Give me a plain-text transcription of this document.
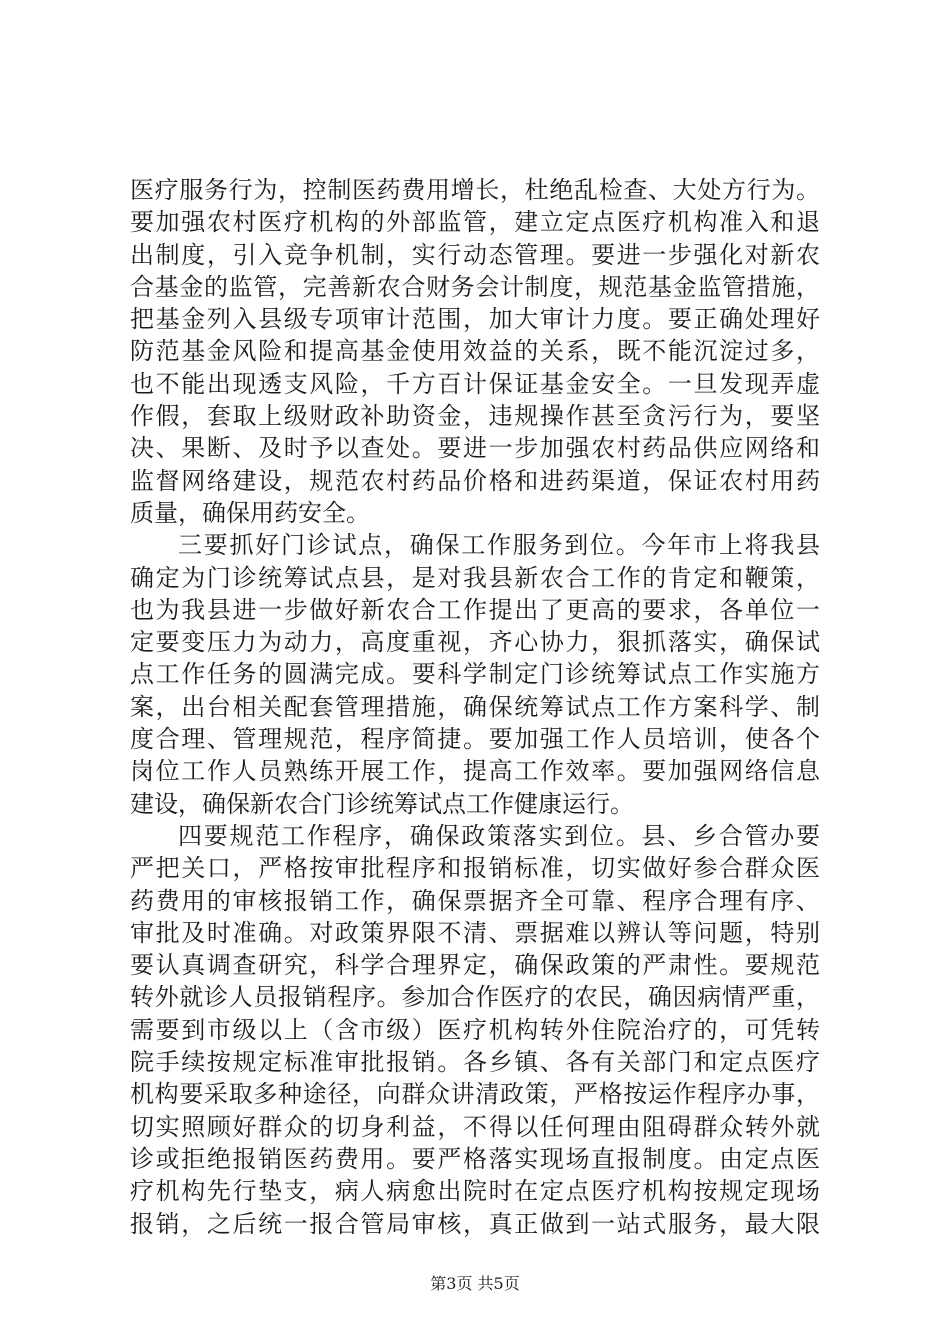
医疗服务行为，控制医药费用增长，杜绝乱检查、大处方行为。
要加强农村医疗机构的外部监管，建立定点医疗机构准入和退
出制度，引入竞争机制，实行动态管理。要进一步强化对新农
合基金的监管，完善新农合财务会计制度，规范基金监管措施，
把基金列入县级专项审计范围，加大审计力度。要正确处理好
防范基金风险和提高基金使用效益的关系，既不能沉淀过多，
也不能出现透支风险，千方百计保证基金安全。一旦发现弄虚
作假，套取上级财政补助资金，违规操作甚至贪污行为，要坚
决、果断、及时予以查处。要进一步加强农村药品供应网络和
监督网络建设，规范农村药品价格和进药渠道，保证农村用药
质量，确保用药安全。
三要抓好门诊试点，确保工作服务到位。今年市上将我县
确定为门诊统筹试点县，是对我县新农合工作的肯定和鞭策，
也为我县进一步做好新农合工作提出了更高的要求，各单位一
定要变压力为动力，高度重视，齐心协力，狠抓落实，确保试
点工作任务的圆满完成。要科学制定门诊统筹试点工作实施方
案，出台相关配套管理措施，确保统筹试点工作方案科学、制
度合理、管理规范，程序简捷。要加强工作人员培训，使各个
岗位工作人员熟练开展工作，提高工作效率。要加强网络信息
建设，确保新农合门诊统筹试点工作健康运行。
四要规范工作程序，确保政策落实到位。县、乡合管办要
严把关口，严格按审批程序和报销标准，切实做好参合群众医
药费用的审核报销工作，确保票据齐全可靠、程序合理有序、
审批及时准确。对政策界限不清、票据难以辨认等问题，特别
要认真调查研究，科学合理界定，确保政策的严肃性。要规范
转外就诊人员报销程序。参加合作医疗的农民，确因病情严重，
需要到市级以上（含市级）医疗机构转外住院治疗的，可凭转
院手续按规定标准审批报销。各乡镇、各有关部门和定点医疗
机构要采取多种途径，向群众讲清政策，严格按运作程序办事，
切实照顾好群众的切身利益，不得以任何理由阻碍群众转外就
诊或拒绝报销医药费用。要严格落实现场直报制度。由定点医
疗机构先行垫支，病人病愈出院时在定点医疗机构按规定现场
报销，之后统一报合管局审核，真正做到一站式服务，最大限
第3页 共5页
